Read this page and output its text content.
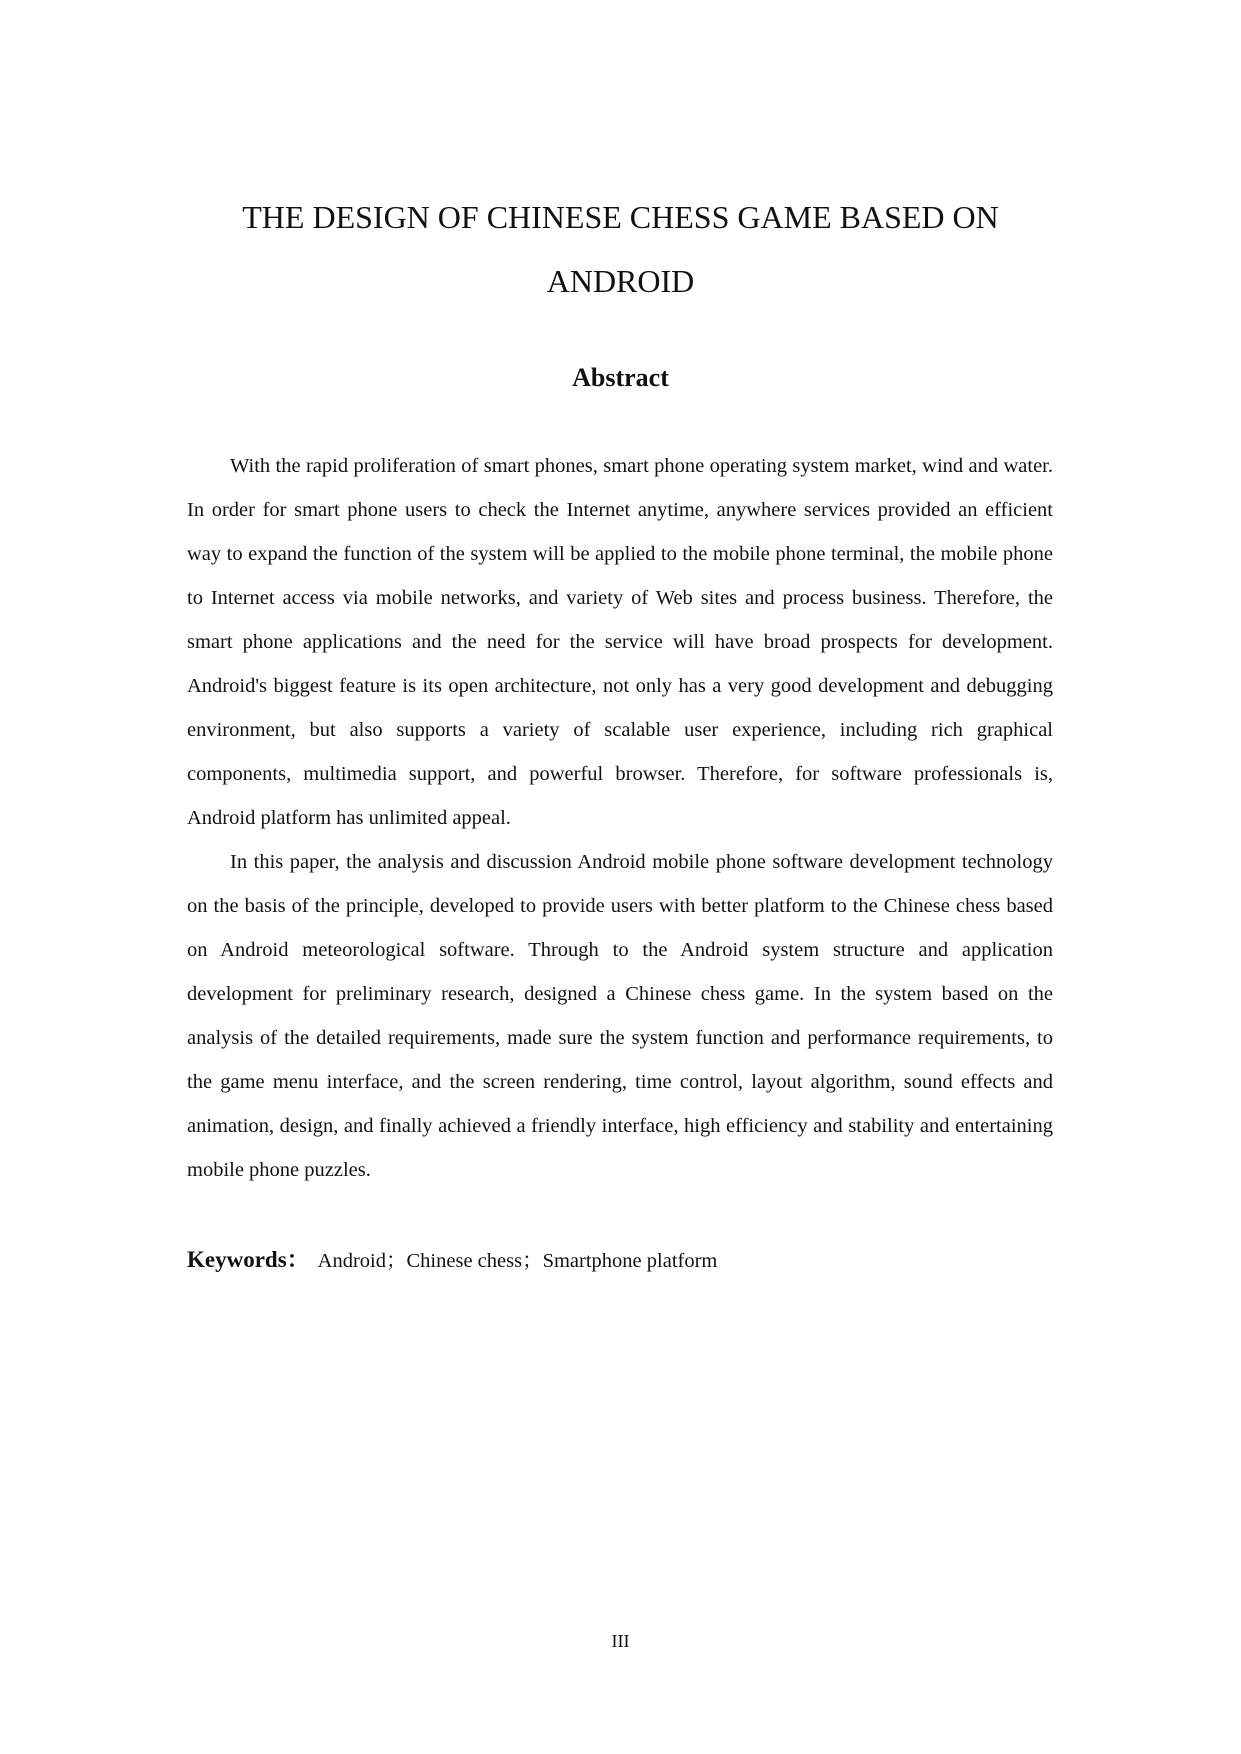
THE DESIGN OF CHINESE CHESS GAME BASED ON
ANDROID
Abstract

With the rapid proliferation of smart phones, smart phone operating system market, wind and water. In order for smart phone users to check the Internet anytime, anywhere services provided an efficient way to expand the function of the system will be applied to the mobile phone terminal, the mobile phone to Internet access via mobile networks, and variety of Web sites and process business. Therefore, the smart phone applications and the need for the service will have broad prospects for development. Android's biggest feature is its open architecture, not only has a very good development and debugging environment, but also supports a variety of scalable user experience, including rich graphical components, multimedia support, and powerful browser. Therefore, for software professionals is, Android platform has unlimited appeal.

In this paper, the analysis and discussion Android mobile phone software development technology on the basis of the principle, developed to provide users with better platform to the Chinese chess based on Android meteorological software. Through to the Android system structure and application development for preliminary research, designed a Chinese chess game. In the system based on the analysis of the detailed requirements, made sure the system function and performance requirements, to the game menu interface, and the screen rendering, time control, layout algorithm, sound effects and animation, design, and finally achieved a friendly interface, high efficiency and stability and entertaining mobile phone puzzles.

Keywords： Android；Chinese chess；Smartphone platform
III
